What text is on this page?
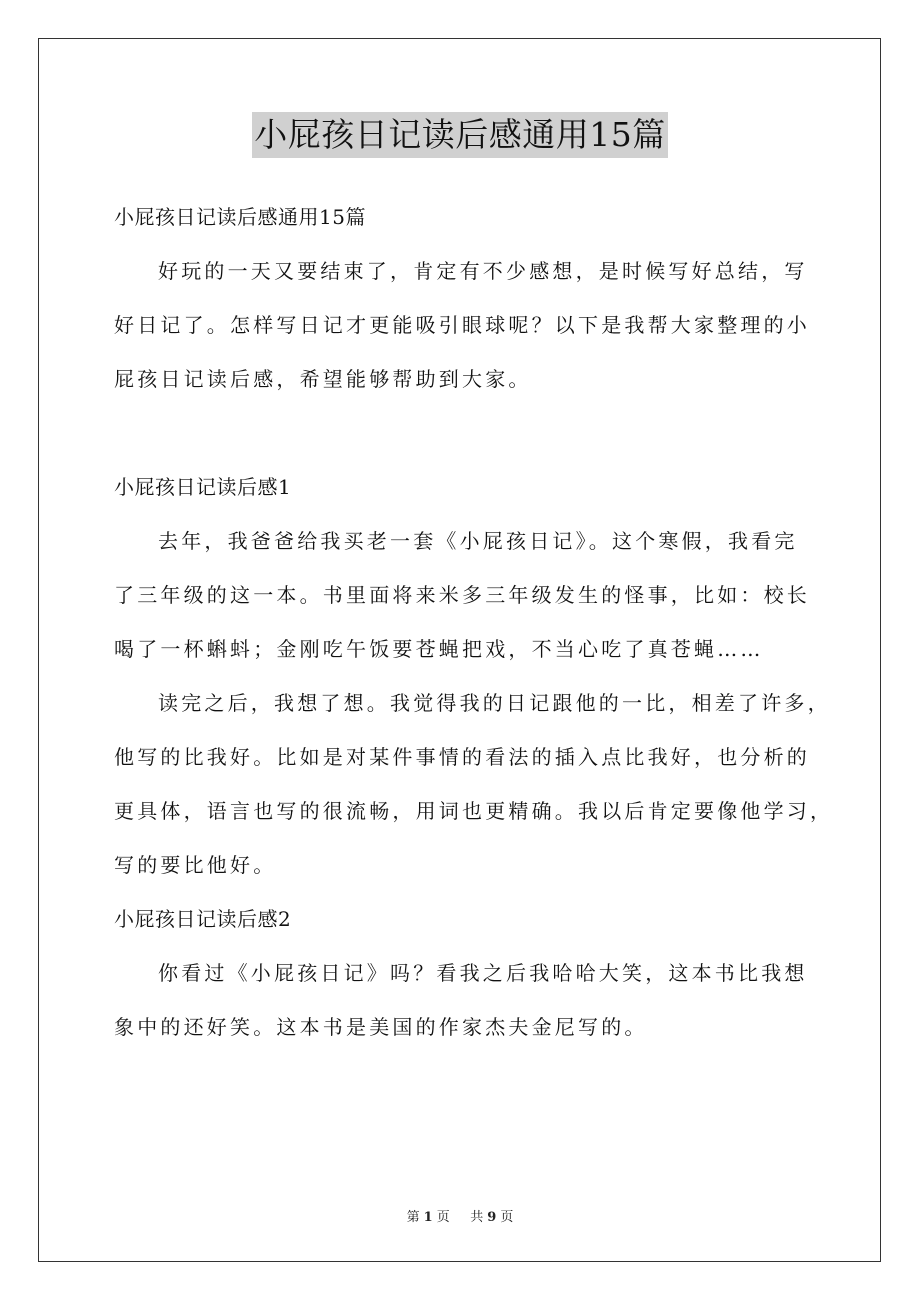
小屁孩日记读后感通用15篇
小屁孩日记读后感通用15篇
好玩的一天又要结束了，肯定有不少感想，是时候写好总结，写
好日记了。怎样写日记才更能吸引眼球呢？以下是我帮大家整理的小
屁孩日记读后感，希望能够帮助到大家。
小屁孩日记读后感1
去年，我爸爸给我买老一套《小屁孩日记》。这个寒假，我看完
了三年级的这一本。书里面将来米多三年级发生的怪事，比如：校长
喝了一杯蝌蚪；金刚吃午饭要苍蝇把戏，不当心吃了真苍蝇……
读完之后，我想了想。我觉得我的日记跟他的一比，相差了许多，
他写的比我好。比如是对某件事情的看法的插入点比我好，也分析的
更具体，语言也写的很流畅，用词也更精确。我以后肯定要像他学习，
写的要比他好。
小屁孩日记读后感2
你看过《小屁孩日记》吗？看我之后我哈哈大笑，这本书比我想
象中的还好笑。这本书是美国的作家杰夫金尼写的。
第 1 页 共 9 页
